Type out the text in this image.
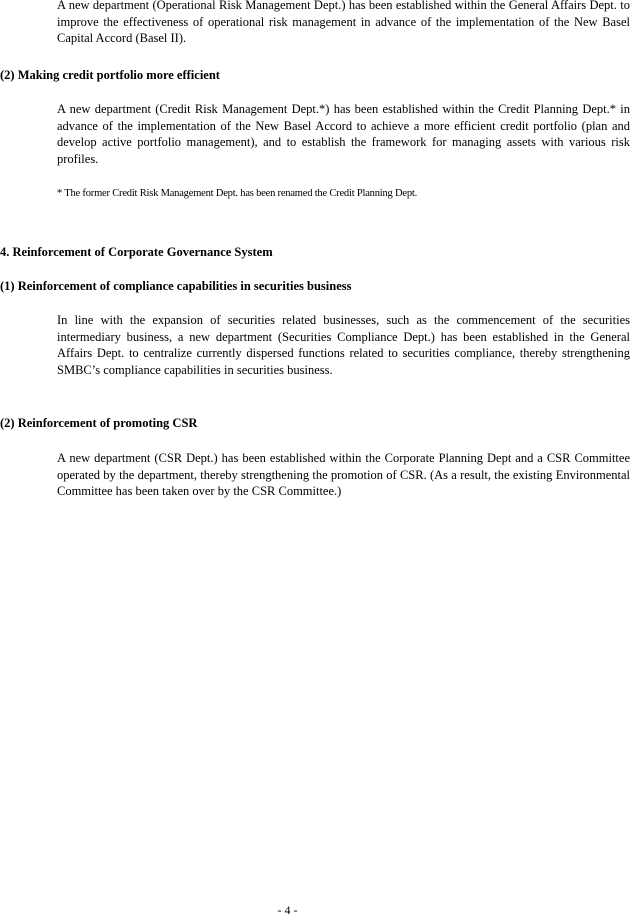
A new department (Operational Risk Management Dept.) has been established within the General Affairs Dept. to improve the effectiveness of operational risk management in advance of the implementation of the New Basel Capital Accord (Basel II).

(2) Making credit portfolio more efficient

A new department (Credit Risk Management Dept.*) has been established within the Credit Planning Dept.* in advance of the implementation of the New Basel Accord to achieve a more efficient credit portfolio (plan and develop active portfolio management), and to establish the framework for managing assets with various risk profiles.

* The former Credit Risk Management Dept. has been renamed the Credit Planning Dept.

4. Reinforcement of Corporate Governance System
(1) Reinforcement of compliance capabilities in securities business

In line with the expansion of securities related businesses, such as the commencement of the securities intermediary business, a new department (Securities Compliance Dept.) has been established in the General Affairs Dept. to centralize currently dispersed functions related to securities compliance, thereby strengthening SMBC’s compliance capabilities in securities business.

(2) Reinforcement of promoting CSR

A new department (CSR Dept.) has been established within the Corporate Planning Dept and a CSR Committee operated by the department, thereby strengthening the promotion of CSR. (As a result, the existing Environmental Committee has been taken over by the CSR Committee.)

- 4 -
